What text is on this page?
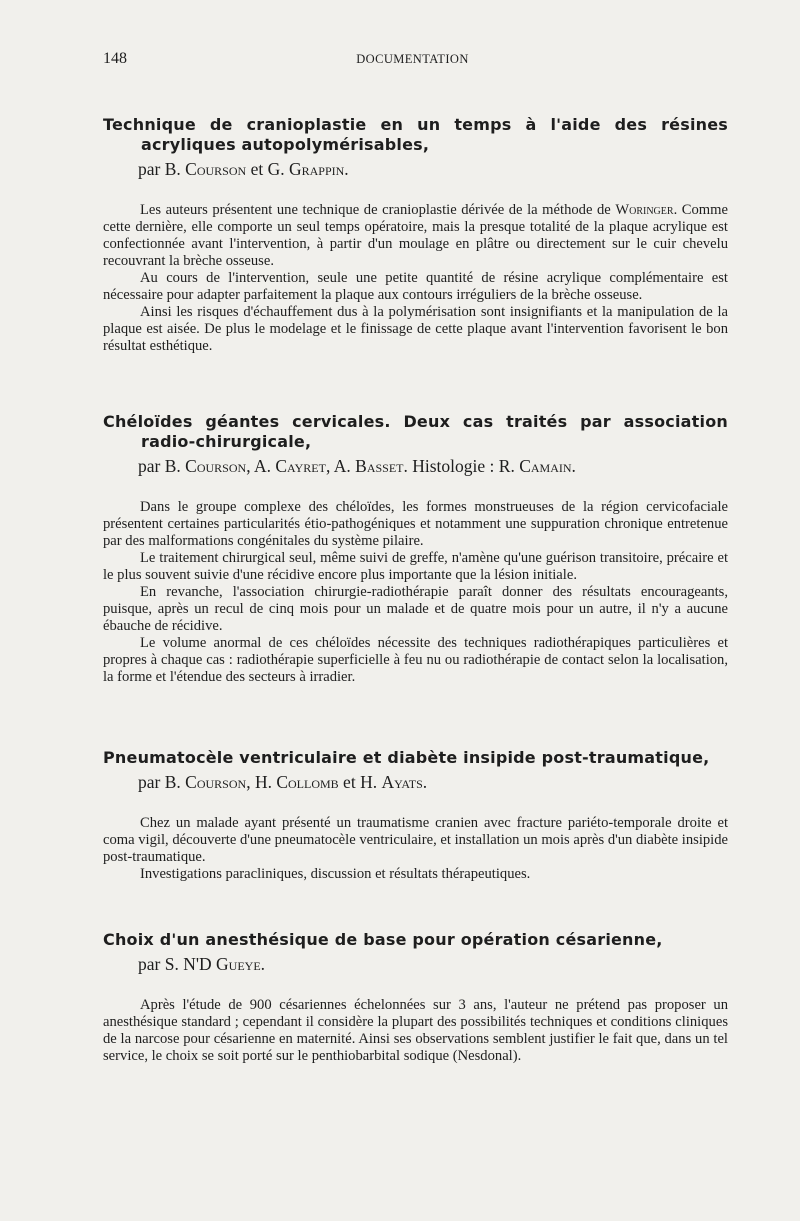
148	DOCUMENTATION
Technique de cranioplastie en un temps à l'aide des résines acryliques autopolymérisables,
par B. Courson et G. Grappin.

Les auteurs présentent une technique de cranioplastie dérivée de la méthode de Woringer. Comme cette dernière, elle comporte un seul temps opératoire, mais la presque totalité de la plaque acrylique est confectionnée avant l'intervention, à partir d'un moulage en plâtre ou directement sur le cuir chevelu recouvrant la brèche osseuse.

Au cours de l'intervention, seule une petite quantité de résine acrylique complémentaire est nécessaire pour adapter parfaitement la plaque aux contours irréguliers de la brèche osseuse.

Ainsi les risques d'échauffement dus à la polymérisation sont insignifiants et la manipulation de la plaque est aisée. De plus le modelage et le finissage de cette plaque avant l'intervention favorisent le bon résultat esthétique.

Chéloïdes géantes cervicales. Deux cas traités par association radio-chirurgicale,
par B. Courson, A. Cayret, A. Basset. Histologie : R. Camain.

Dans le groupe complexe des chéloïdes, les formes monstrueuses de la région cervicofaciale présentent certaines particularités étio-pathogéniques et notamment une suppuration chronique entretenue par des malformations congénitales du système pilaire.

Le traitement chirurgical seul, même suivi de greffe, n'amène qu'une guérison transitoire, précaire et le plus souvent suivie d'une récidive encore plus importante que la lésion initiale.

En revanche, l'association chirurgie-radiothérapie paraît donner des résultats encourageants, puisque, après un recul de cinq mois pour un malade et de quatre mois pour un autre, il n'y a aucune ébauche de récidive.

Le volume anormal de ces chéloïdes nécessite des techniques radiothérapiques particulières et propres à chaque cas : radiothérapie superficielle à feu nu ou radiothérapie de contact selon la localisation, la forme et l'étendue des secteurs à irradier.

Pneumatocèle ventriculaire et diabète insipide post-traumatique,
par B. Courson, H. Collomb et H. Ayats.

Chez un malade ayant présenté un traumatisme cranien avec fracture pariéto-temporale droite et coma vigil, découverte d'une pneumatocèle ventriculaire, et installation un mois après d'un diabète insipide post-traumatique.

Investigations paracliniques, discussion et résultats thérapeutiques.

Choix d'un anesthésique de base pour opération césarienne,
par S. N'D Gueye.

Après l'étude de 900 césariennes échelonnées sur 3 ans, l'auteur ne prétend pas proposer un anesthésique standard ; cependant il considère la plupart des possibilités techniques et conditions cliniques de la narcose pour césarienne en maternité. Ainsi ses observations semblent justifier le fait que, dans un tel service, le choix se soit porté sur le penthiobarbital sodique (Nesdonal).
